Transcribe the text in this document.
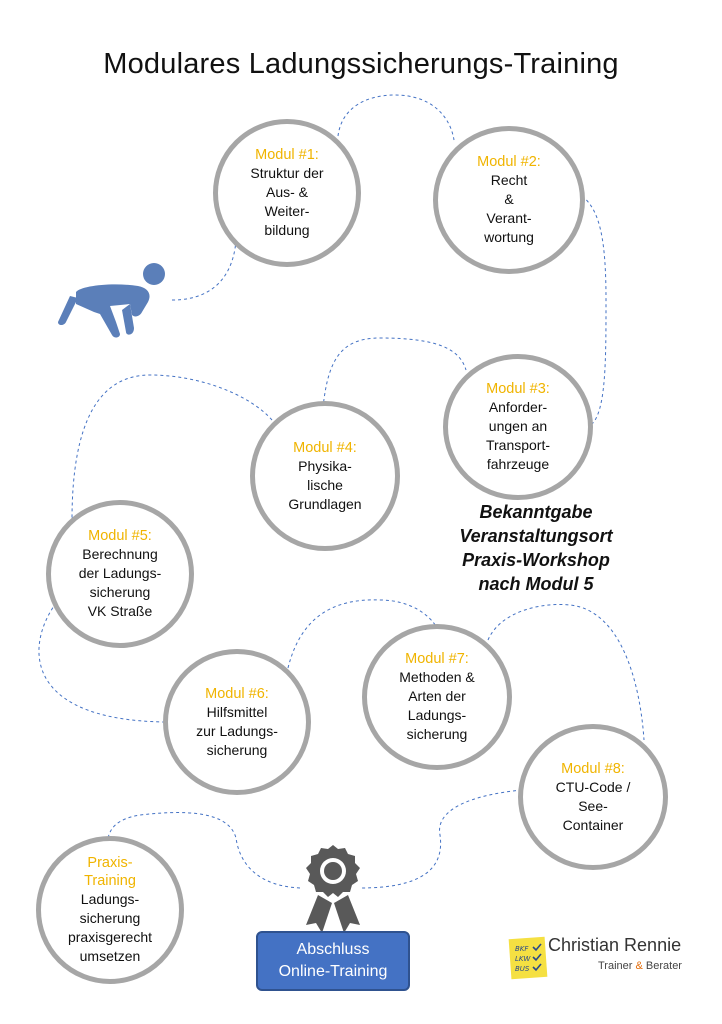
Modulares Ladungssicherungs-Training
Modul #1:
Struktur der
Aus- &
Weiter-
bildung
Modul #2:
Recht
&
Verant-
wortung
Modul #3:
Anforder-
ungen an
Transport-
fahrzeuge
Modul #4:
Physika-
lische
Grundlagen
Modul #5:
Berechnung
der Ladungs-
sicherung
VK Straße
Modul #6:
Hilfsmittel
zur Ladungs-
sicherung
Modul #7:
Methoden &
Arten der
Ladungs-
sicherung
Modul #8:
CTU-Code /
See-
Container
Praxis-
Training
Ladungs-
sicherung
praxisgerecht
umsetzen
Bekanntgabe
Veranstaltungsort
Praxis-Workshop
nach Modul 5
Abschluss
Online-Training
BKF
LKW
BUS
Christian Rennie
Trainer & Berater
